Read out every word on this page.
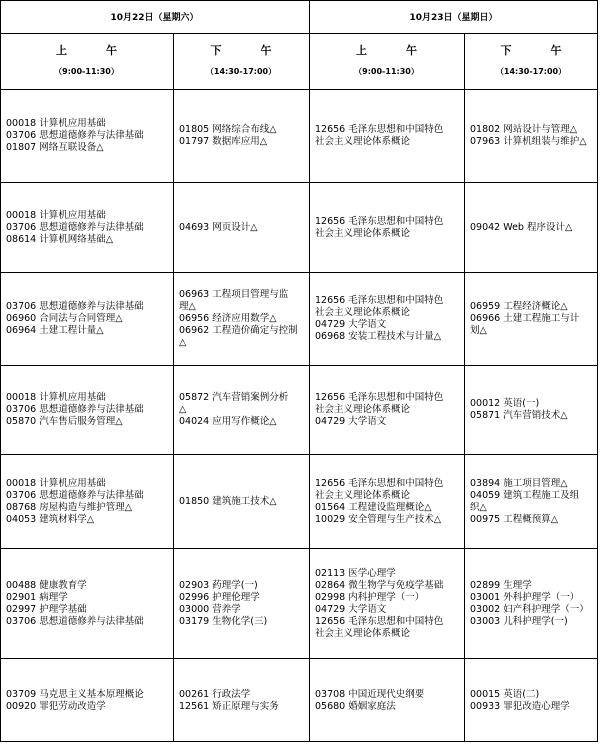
10月22日（星期六）	10月23日（星期日）
上　午
（9:00-11:30）
下　午
（14:30-17:00）
上　午
（9:00-11:30）
下　午
（14:30-17:00）
00018 计算机应用基础
03706 思想道德修养与法律基础
01807 网络互联设备△
01805 网络综合布线△
01797 数据库应用△
12656 毛泽东思想和中国特色
社会主义理论体系概论
01802 网站设计与管理△
07963 计算机组装与维护△
00018 计算机应用基础
03706 思想道德修养与法律基础
08614 计算机网络基础△
04693 网页设计△
12656 毛泽东思想和中国特色
社会主义理论体系概论
09042 Web 程序设计△
03706 思想道德修养与法律基础
06960 合同法与合同管理△
06964 土建工程计量△
06963 工程项目管理与监
理△
06956 经济应用数学△
06962 工程造价确定与控制
△
12656 毛泽东思想和中国特色
社会主义理论体系概论
04729 大学语文
06968 安装工程技术与计量△
06959 工程经济概论△
06966 土建工程施工与计
划△
00018 计算机应用基础
03706 思想道德修养与法律基础
05870 汽车售后服务管理△
05872 汽车营销案例分析
△
04024 应用写作概论△
12656 毛泽东思想和中国特色
社会主义理论体系概论
04729 大学语文
00012 英语(一)
05871 汽车营销技术△
00018 计算机应用基础
03706 思想道德修养与法律基础
08768 房屋构造与维护管理△
04053 建筑材料学△
01850 建筑施工技术△
12656 毛泽东思想和中国特色
社会主义理论体系概论
01564 工程建设监理概论△
10029 安全管理与生产技术△
03894 施工项目管理△
04059 建筑工程施工及组
织△
00975 工程概预算△
00488 健康教育学
02901 病理学
02997 护理学基础
03706 思想道德修养与法律基础
02903 药理学(一)
02996 护理伦理学
03000 营养学
03179 生物化学(三)
02113 医学心理学
02864 微生物学与免疫学基础
02998 内科护理学（一）
04729 大学语文
12656 毛泽东思想和中国特色
社会主义理论体系概论
02899 生理学
03001 外科护理学（一）
03002 妇产科护理学（一）
03003 儿科护理学(一)
03709 马克思主义基本原理概论
00920 罪犯劳动改造学
00261 行政法学
12561 矫正原理与实务
03708 中国近现代史纲要
05680 婚姻家庭法
00015 英语(二)
00933 罪犯改造心理学
